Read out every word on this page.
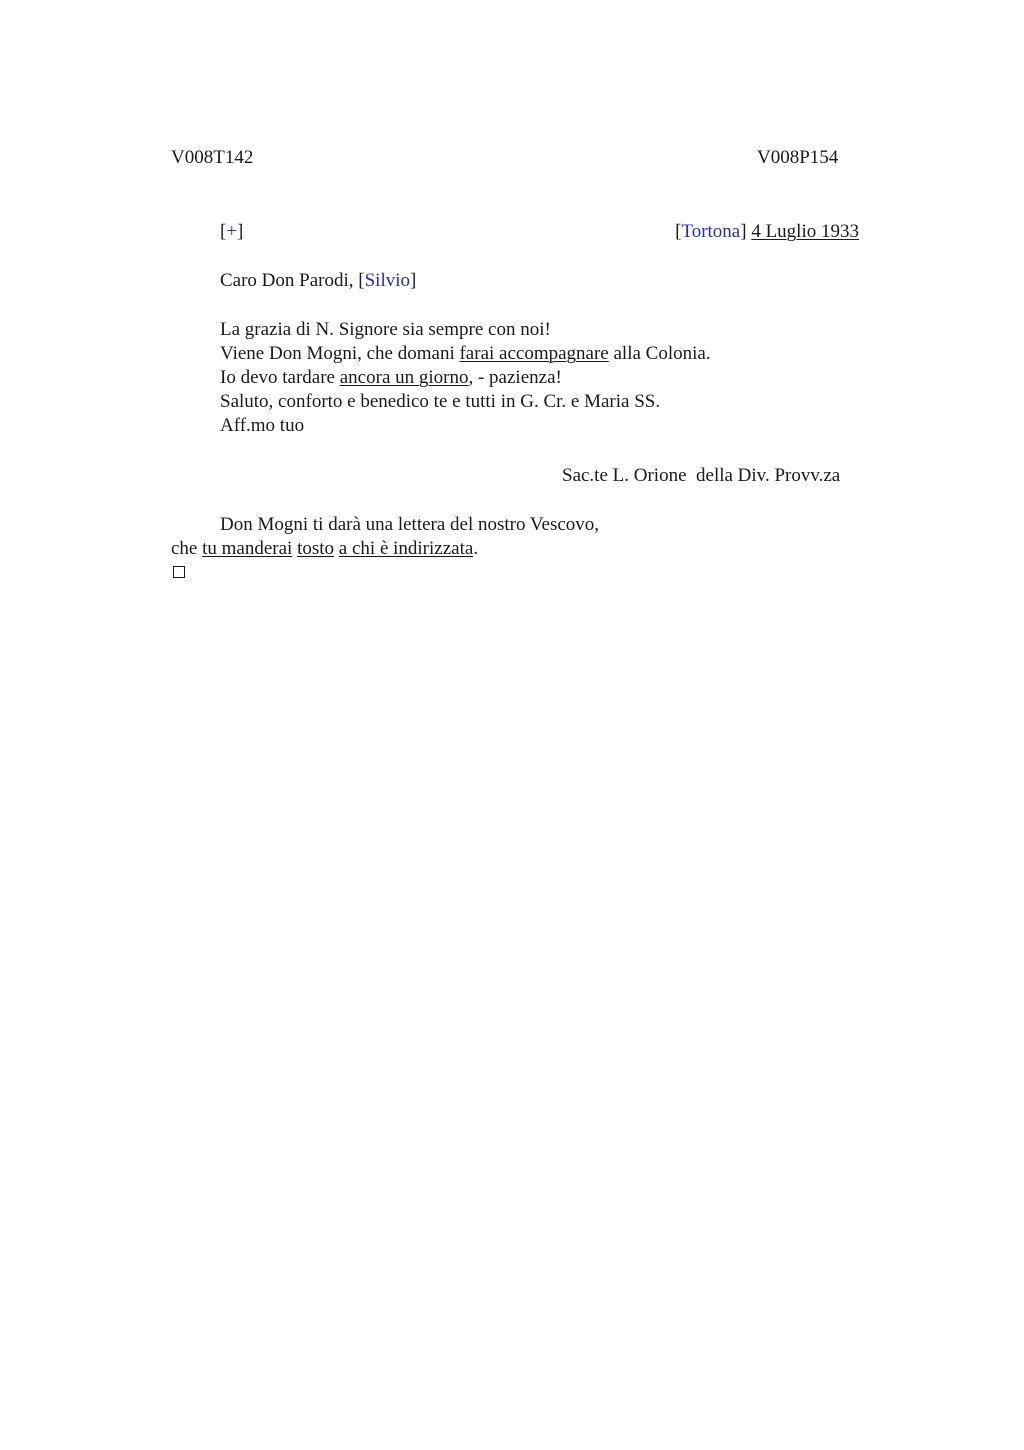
V008T142	V008P154
[+]	[Tortona] 4 Luglio 1933
Caro Don Parodi, [Silvio]
La grazia di N. Signore sia sempre con noi!
Viene Don Mogni, che domani farai accompagnare alla Colonia.
Io devo tardare ancora un giorno, - pazienza!
Saluto, conforto e benedico te e tutti in G. Cr. e Maria SS.
Aff.mo tuo
Sac.te L. Orione  della Div. Provv.za
Don Mogni ti darà una lettera del nostro Vescovo,
che tu manderai tosto a chi è indirizzata.
